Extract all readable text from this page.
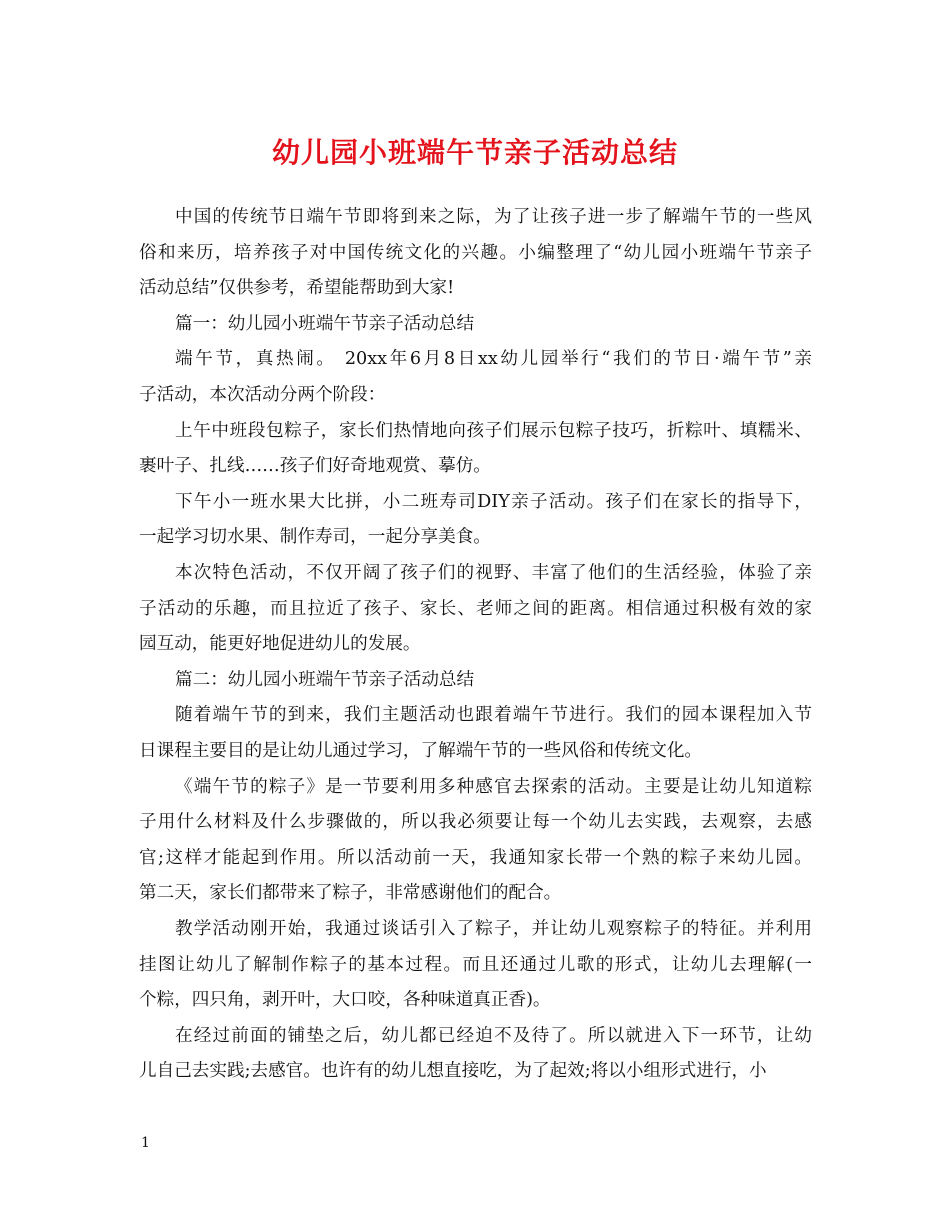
幼儿园小班端午节亲子活动总结
中国的传统节日端午节即将到来之际，为了让孩子进一步了解端午节的一些风
俗和来历，培养孩子对中国传统文化的兴趣。小编整理了“幼儿园小班端午节亲子
活动总结”仅供参考，希望能帮助到大家!
篇一：幼儿园小班端午节亲子活动总结
端午节，真热闹。 20xx年6月8日xx幼儿园举行“我们的节日·端午节”亲
子活动，本次活动分两个阶段：
上午中班段包粽子，家长们热情地向孩子们展示包粽子技巧，折粽叶、填糯米、
裹叶子、扎线……孩子们好奇地观赏、摹仿。
下午小一班水果大比拼，小二班寿司DIY亲子活动。孩子们在家长的指导下，
一起学习切水果、制作寿司，一起分享美食。
本次特色活动，不仅开阔了孩子们的视野、丰富了他们的生活经验，体验了亲
子活动的乐趣，而且拉近了孩子、家长、老师之间的距离。相信通过积极有效的家
园互动，能更好地促进幼儿的发展。
篇二：幼儿园小班端午节亲子活动总结
随着端午节的到来，我们主题活动也跟着端午节进行。我们的园本课程加入节
日课程主要目的是让幼儿通过学习，了解端午节的一些风俗和传统文化。
《端午节的粽子》是一节要利用多种感官去探索的活动。主要是让幼儿知道粽
子用什么材料及什么步骤做的，所以我必须要让每一个幼儿去实践，去观察，去感
官;这样才能起到作用。所以活动前一天，我通知家长带一个熟的粽子来幼儿园。
第二天，家长们都带来了粽子，非常感谢他们的配合。
教学活动刚开始，我通过谈话引入了粽子，并让幼儿观察粽子的特征。并利用
挂图让幼儿了解制作粽子的基本过程。而且还通过儿歌的形式，让幼儿去理解(一
个粽，四只角，剥开叶，大口咬，各种味道真正香)。
在经过前面的铺垫之后，幼儿都已经迫不及待了。所以就进入下一环节，让幼
儿自己去实践;去感官。也许有的幼儿想直接吃，为了起效;将以小组形式进行，小
1
